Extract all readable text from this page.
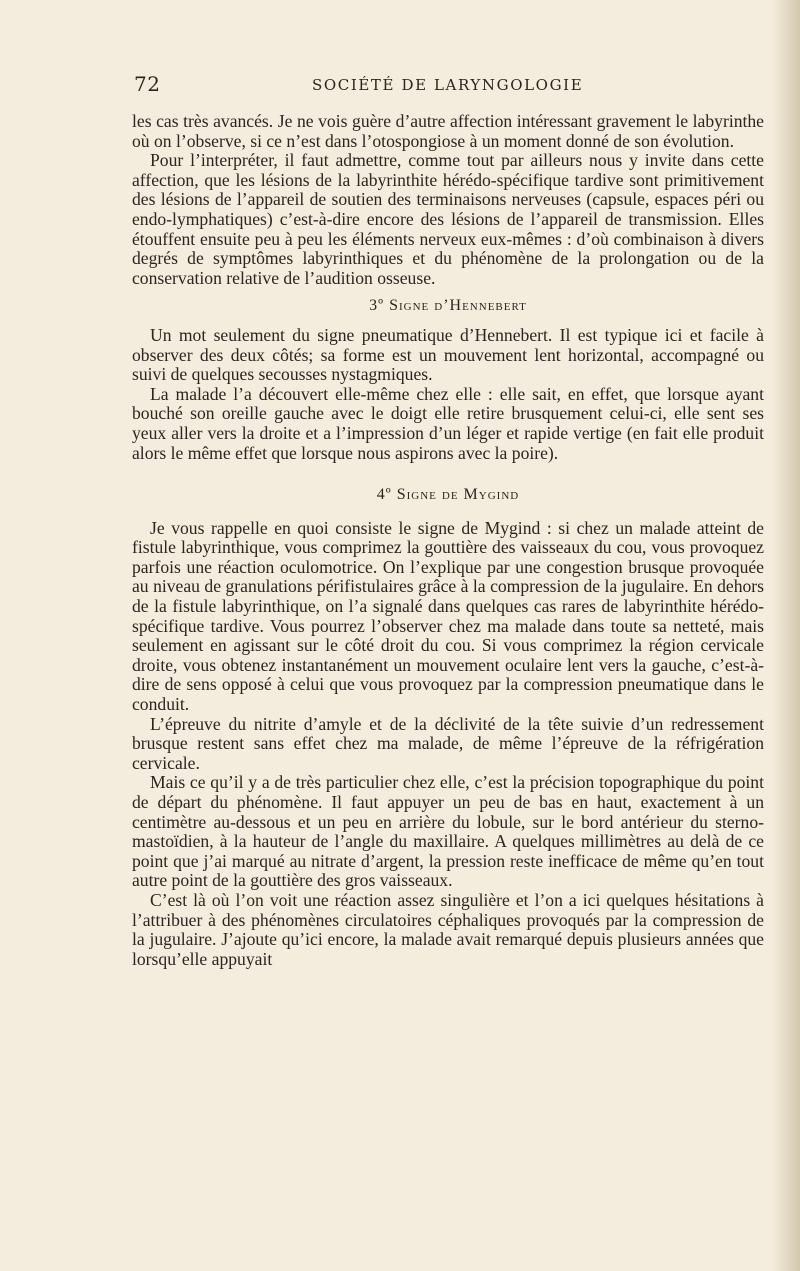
72	SOCIÉTÉ DE LARYNGOLOGIE

les cas très avancés. Je ne vois guère d’autre affection intéressant gravement le labyrinthe où on l’observe, si ce n’est dans l’otospongiose à un moment donné de son évolution.

Pour l’interpréter, il faut admettre, comme tout par ailleurs nous y invite dans cette affection, que les lésions de la labyrinthite hérédo-spécifique tardive sont primitivement des lésions de l’appareil de soutien des terminaisons nerveuses (capsule, espaces péri ou endo-lymphatiques) c’est-à-dire encore des lésions de l’appareil de transmission. Elles étouffent ensuite peu à peu les éléments nerveux eux-mêmes : d’où combinaison à divers degrés de symptômes labyrinthiques et du phénomène de la prolongation ou de la conservation relative de l’audition osseuse.

3º Signe d’Hennebert

Un mot seulement du signe pneumatique d’Hennebert. Il est typique ici et facile à observer des deux côtés; sa forme est un mouvement lent horizontal, accompagné ou suivi de quelques secousses nystagmiques.

La malade l’a découvert elle-même chez elle : elle sait, en effet, que lorsque ayant bouché son oreille gauche avec le doigt elle retire brusquement celui-ci, elle sent ses yeux aller vers la droite et a l’impression d’un léger et rapide vertige (en fait elle produit alors le même effet que lorsque nous aspirons avec la poire).

4º Signe de Mygind

Je vous rappelle en quoi consiste le signe de Mygind : si chez un malade atteint de fistule labyrinthique, vous comprimez la gouttière des vaisseaux du cou, vous provoquez parfois une réaction oculomotrice. On l’explique par une congestion brusque provoquée au niveau de granulations périfistulaires grâce à la compression de la jugulaire. En dehors de la fistule labyrinthique, on l’a signalé dans quelques cas rares de labyrinthite hérédo-spécifique tardive. Vous pourrez l’observer chez ma malade dans toute sa netteté, mais seulement en agissant sur le côté droit du cou. Si vous comprimez la région cervicale droite, vous obtenez instantanément un mouvement oculaire lent vers la gauche, c’est-à-dire de sens opposé à celui que vous provoquez par la compression pneumatique dans le conduit.

L’épreuve du nitrite d’amyle et de la déclivité de la tête suivie d’un redressement brusque restent sans effet chez ma malade, de même l’épreuve de la réfrigération cervicale.

Mais ce qu’il y a de très particulier chez elle, c’est la précision topographique du point de départ du phénomène. Il faut appuyer un peu de bas en haut, exactement à un centimètre au-dessous et un peu en arrière du lobule, sur le bord antérieur du sterno-mastoïdien, à la hauteur de l’angle du maxillaire. A quelques millimètres au delà de ce point que j’ai marqué au nitrate d’argent, la pression reste inefficace de même qu’en tout autre point de la gouttière des gros vaisseaux.

C’est là où l’on voit une réaction assez singulière et l’on a ici quelques hésitations à l’attribuer à des phénomènes circulatoires céphaliques provoqués par la compression de la jugulaire. J’ajoute qu’ici encore, la malade avait remarqué depuis plusieurs années que lorsqu’elle appuyait
